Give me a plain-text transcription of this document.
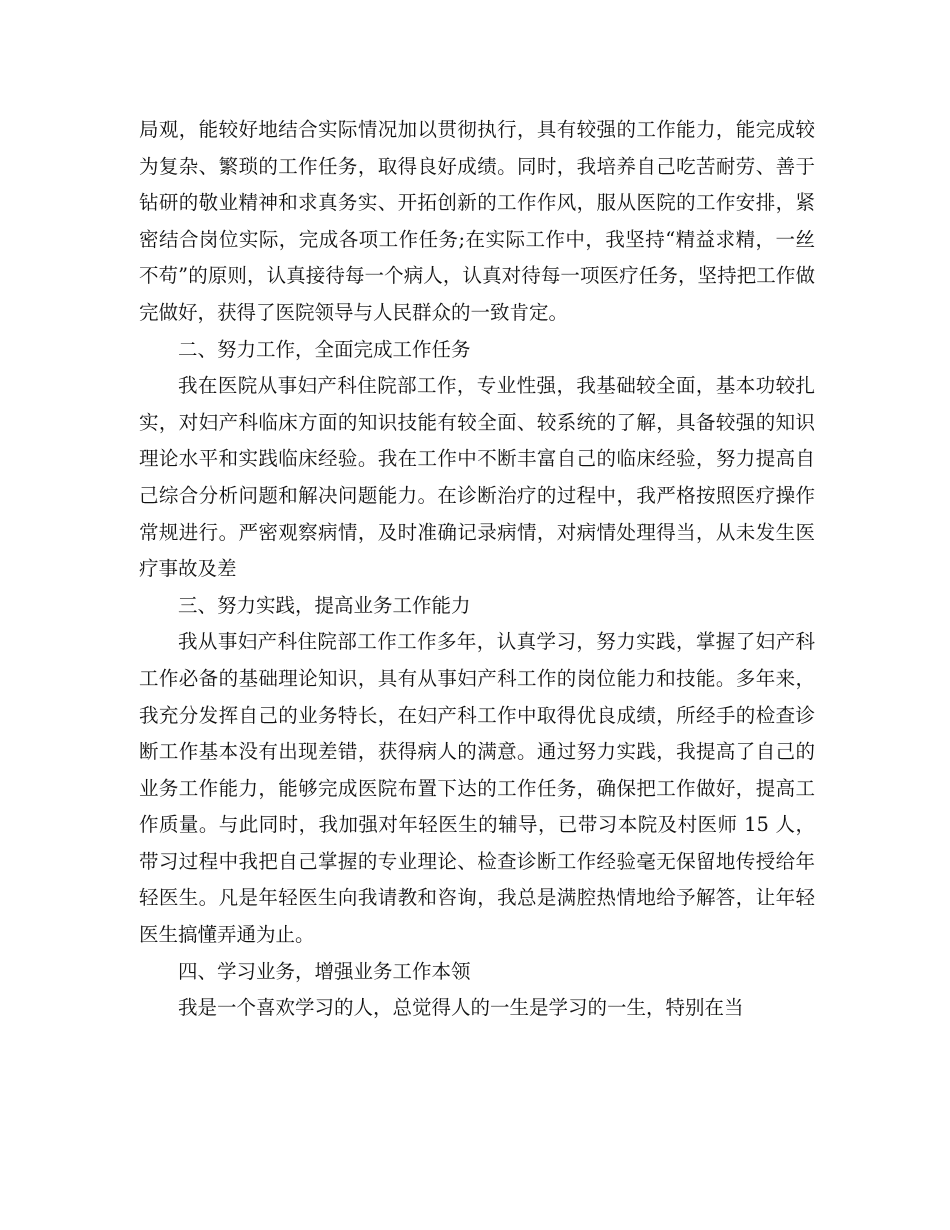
局观，能较好地结合实际情况加以贯彻执行，具有较强的工作能力，能完成较为复杂、繁琐的工作任务，取得良好成绩。同时，我培养自己吃苦耐劳、善于钻研的敬业精神和求真务实、开拓创新的工作作风，服从医院的工作安排，紧密结合岗位实际，完成各项工作任务;在实际工作中，我坚持“精益求精，一丝不苟”的原则，认真接待每一个病人，认真对待每一项医疗任务，坚持把工作做完做好，获得了医院领导与人民群众的一致肯定。

二、努力工作，全面完成工作任务

我在医院从事妇产科住院部工作，专业性强，我基础较全面，基本功较扎实，对妇产科临床方面的知识技能有较全面、较系统的了解，具备较强的知识理论水平和实践临床经验。我在工作中不断丰富自己的临床经验，努力提高自己综合分析问题和解决问题能力。在诊断治疗的过程中，我严格按照医疗操作常规进行。严密观察病情，及时准确记录病情，对病情处理得当，从未发生医疗事故及差

三、努力实践，提高业务工作能力

我从事妇产科住院部工作工作多年，认真学习，努力实践，掌握了妇产科工作必备的基础理论知识，具有从事妇产科工作的岗位能力和技能。多年来，我充分发挥自己的业务特长，在妇产科工作中取得优良成绩，所经手的检查诊断工作基本没有出现差错，获得病人的满意。通过努力实践，我提高了自己的业务工作能力，能够完成医院布置下达的工作任务，确保把工作做好，提高工作质量。与此同时，我加强对年轻医生的辅导，已带习本院及村医师 15 人，带习过程中我把自己掌握的专业理论、检查诊断工作经验毫无保留地传授给年轻医生。凡是年轻医生向我请教和咨询，我总是满腔热情地给予解答，让年轻医生搞懂弄通为止。

四、学习业务，增强业务工作本领

我是一个喜欢学习的人，总觉得人的一生是学习的一生，特别在当
